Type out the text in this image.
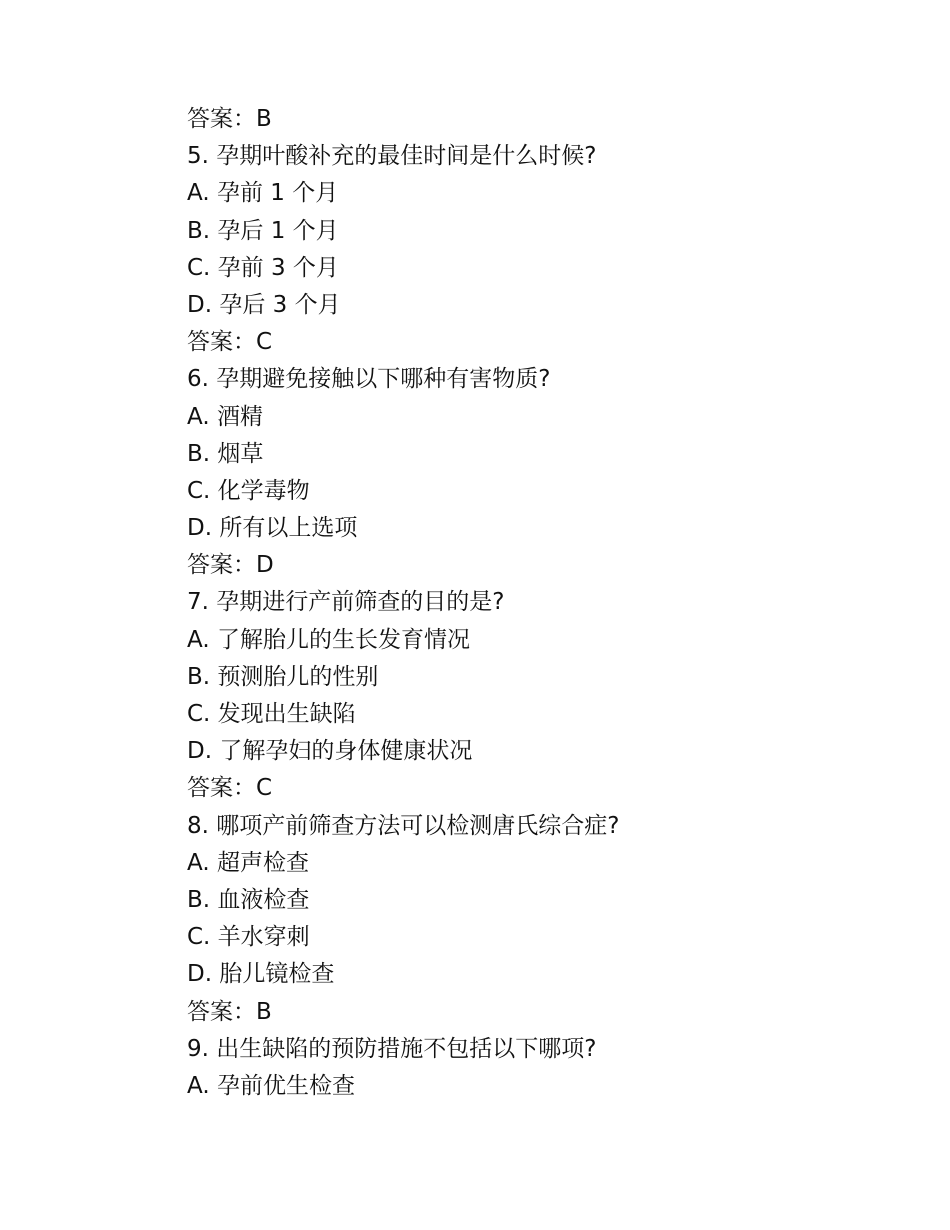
答案：B
5. 孕期叶酸补充的最佳时间是什么时候?
A. 孕前 1 个月
B. 孕后 1 个月
C. 孕前 3 个月
D. 孕后 3 个月
答案：C
6. 孕期避免接触以下哪种有害物质?
A. 酒精
B. 烟草
C. 化学毒物
D. 所有以上选项
答案：D
7. 孕期进行产前筛查的目的是?
A. 了解胎儿的生长发育情况
B. 预测胎儿的性别
C. 发现出生缺陷
D. 了解孕妇的身体健康状况
答案：C
8. 哪项产前筛查方法可以检测唐氏综合症?
A. 超声检查
B. 血液检查
C. 羊水穿刺
D. 胎儿镜检查
答案：B
9. 出生缺陷的预防措施不包括以下哪项?
A. 孕前优生检查
